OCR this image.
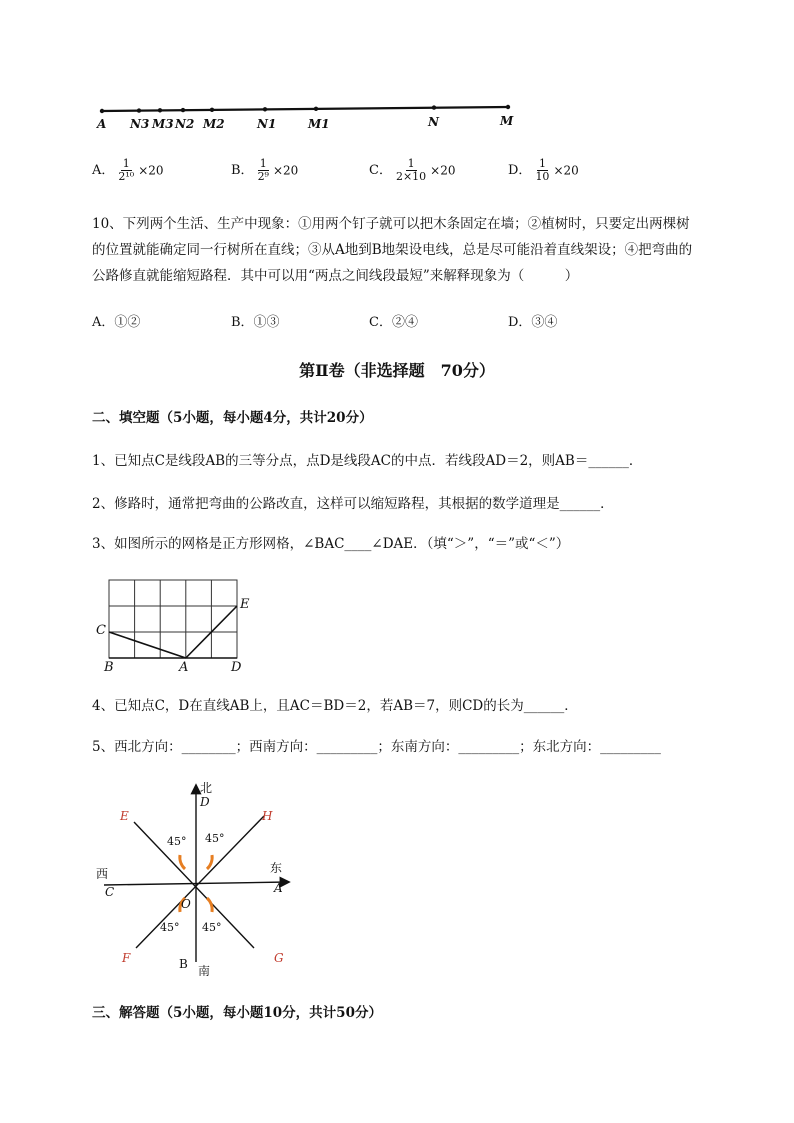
A N3 M3 N2 M2	N1	M1	N	M
A． $\frac{1}{\text{2¹⁰}} \times 20$	B． $\frac{1}{\text{2⁹}} \times 20$	C． $\frac{1}{2\times 10} \times 20$	D． $\frac{1}{10} \times 20$
10、下列两个生活、生产中现象：①用两个钉子就可以把木条固定在墙；②植树时，只要定出两棵树的位置就能确定同一行树所在直线；③从A地到B地架设电线，总是尽可能沿着直线架设；④把弯曲的公路修直就能缩短路程．其中可以用“两点之间线段最短”来解释现象为（　　　）
A．①②	B．①③	C．②④	D．③④
第Ⅱ卷（非选择题　70分）
二、填空题（5小题，每小题4分，共计20分）
1、已知点C是线段AB的三等分点，点D是线段AC的中点．若线段AD＝2，则AB＝______．
2、修路时，通常把弯曲的公路改直，这样可以缩短路程，其根据的数学道理是______．
3、如图所示的网格是正方形网格，∠BAC____∠DAE．（填“＞”，“＝”或“＜”）
C
E
B	A	D
4、已知点C，D在直线AB上，且AC＝BD＝2，若AB＝7，则CD的长为______．
5、西北方向：________；西南方向：_________；东南方向：_________；东北方向：_________
北
D
西
C
东
A
O
B 南
45° 45°
45° 45°
E	H
F	G
三、解答题（5小题，每小题10分，共计50分）
